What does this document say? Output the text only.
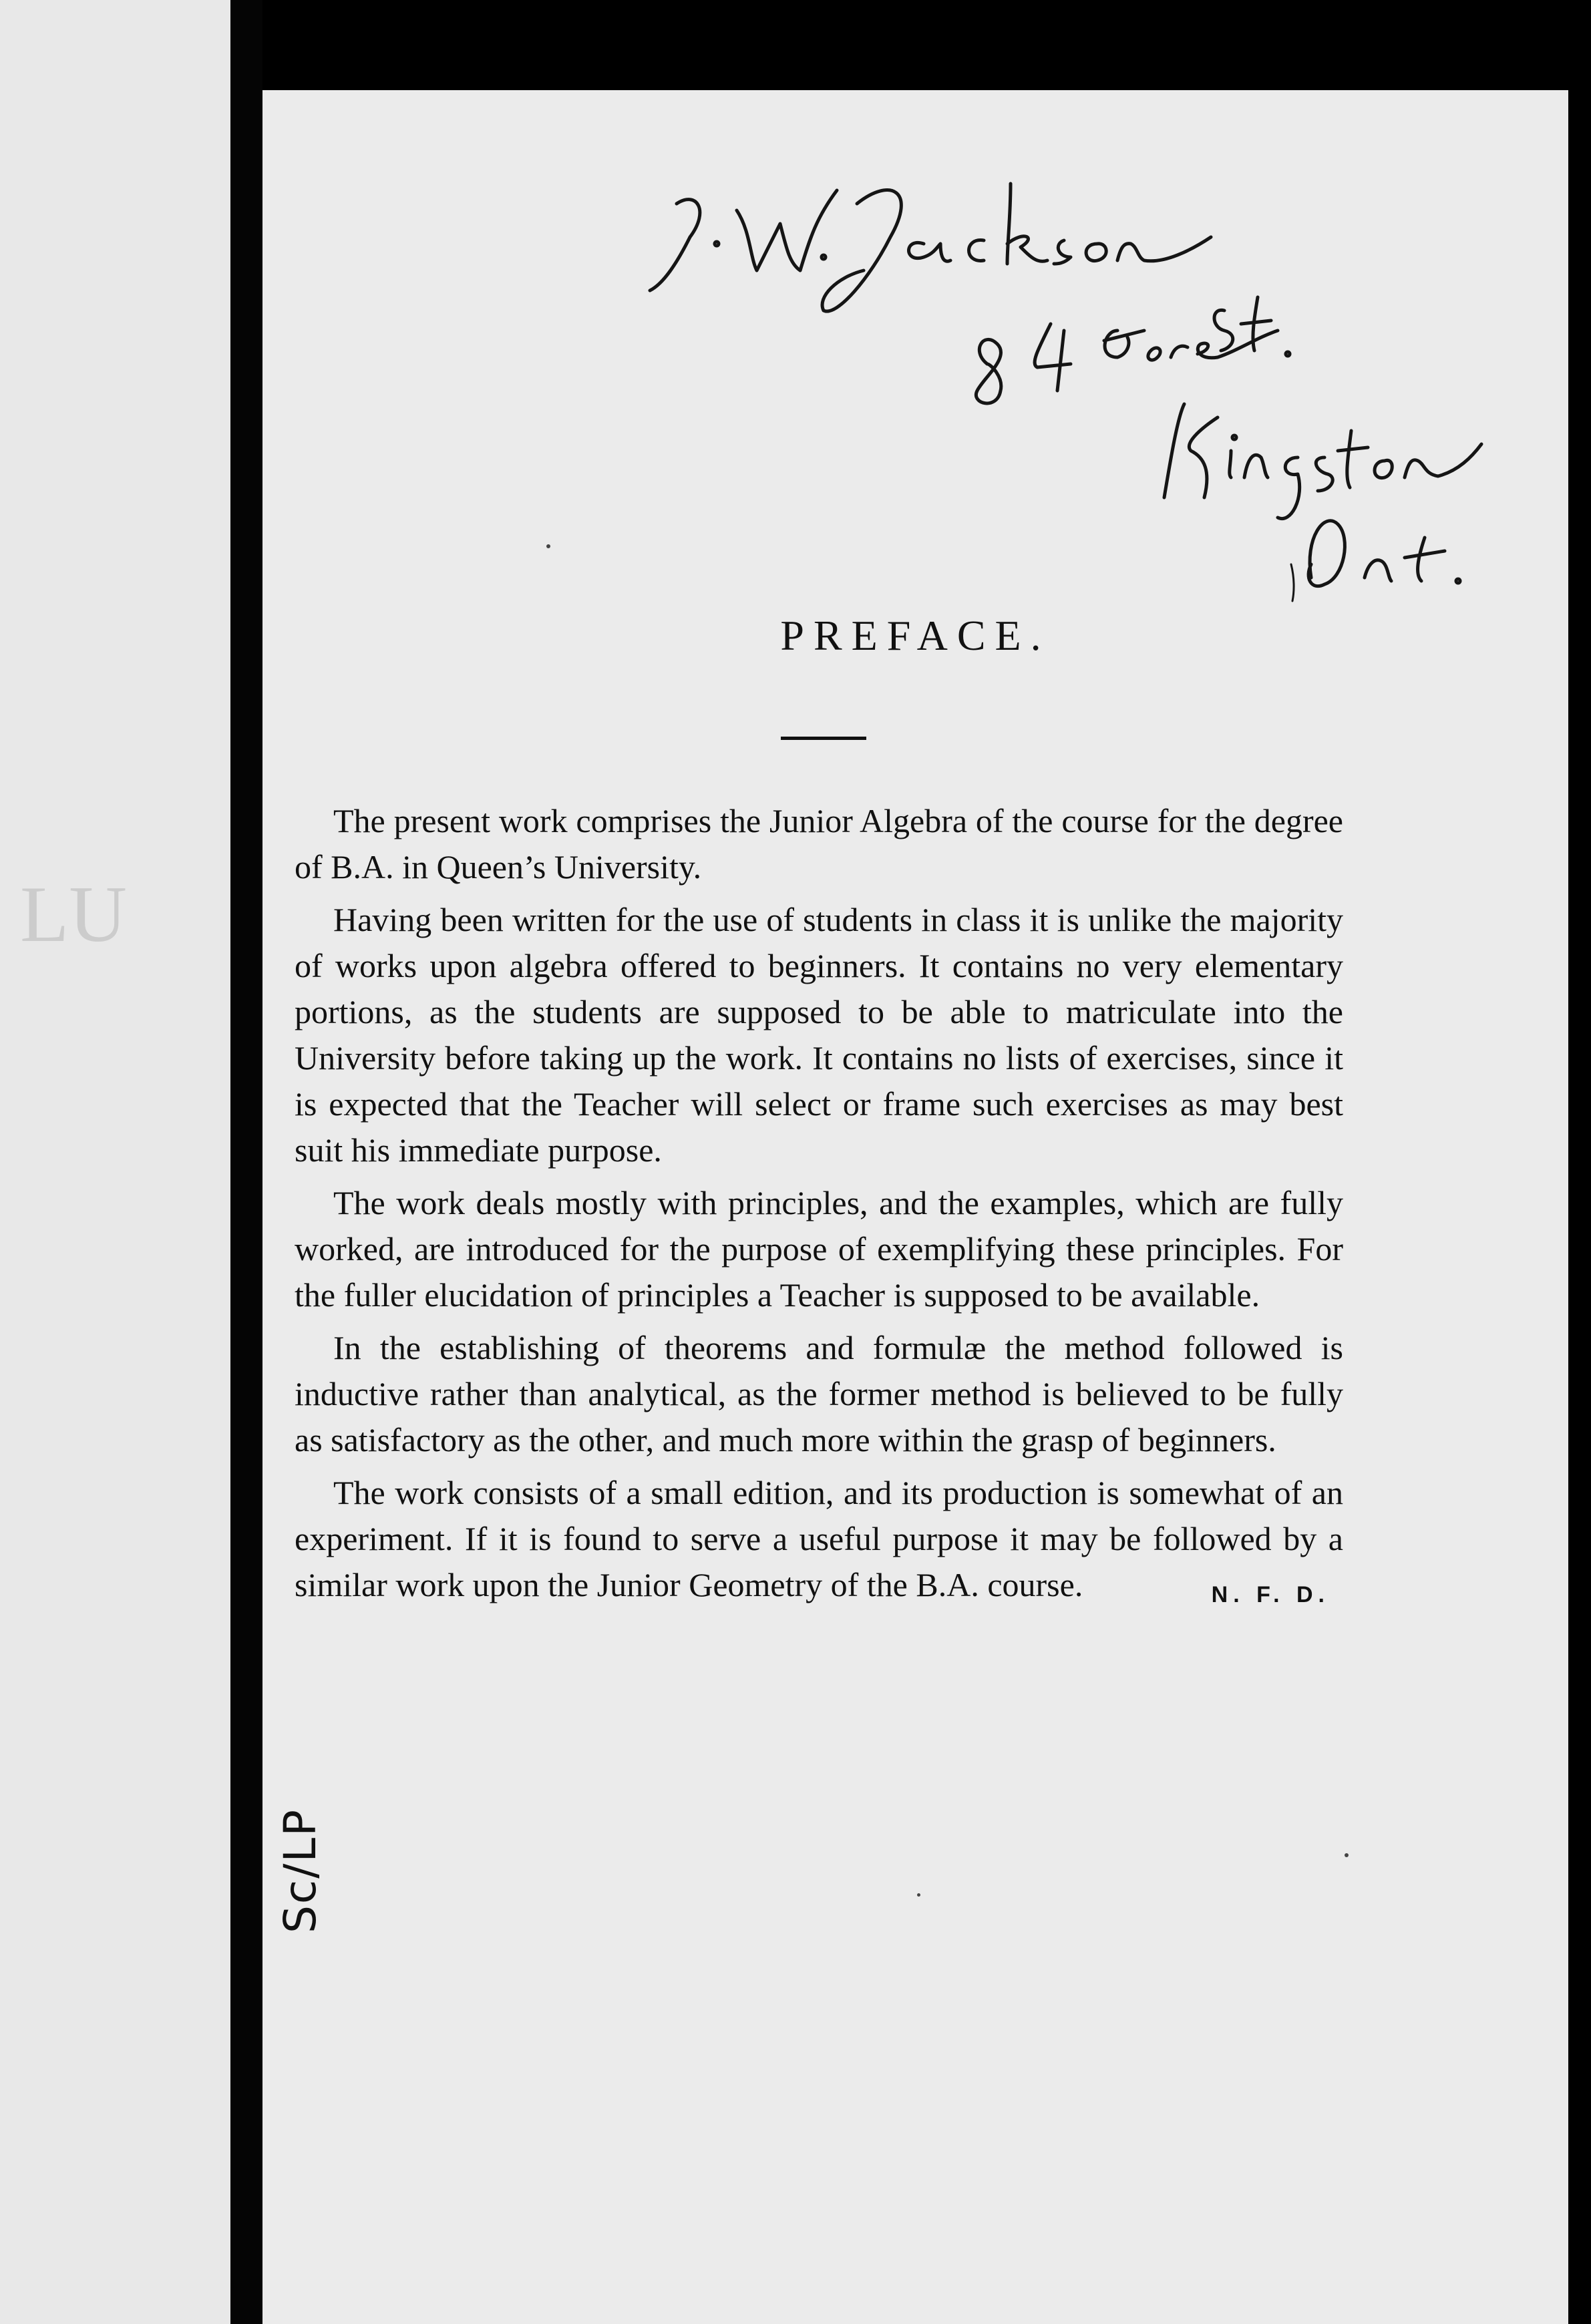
LU
Sc/LP
PREFACE.

The present work comprises the Junior Algebra of the course for the degree of B.A. in Queen’s University.

Having been written for the use of students in class it is unlike the majority of works upon algebra offered to beginners. It contains no very elementary portions, as the students are supposed to be able to matriculate into the University before taking up the work. It contains no lists of exercises, since it is expected that the Teacher will select or frame such exercises as may best suit his immediate purpose.

The work deals mostly with principles, and the examples, which are fully worked, are introduced for the purpose of exemplifying these principles. For the fuller elucidation of principles a Teacher is supposed to be available.

In the establishing of theorems and formulæ the method followed is inductive rather than analytical, as the former method is believed to be fully as satisfactory as the other, and much more within the grasp of beginners.

The work consists of a small edition, and its production is somewhat of an experiment. If it is found to serve a useful purpose it may be followed by a similar work upon the Junior Geometry of the B.A. course.	N. F. D.
